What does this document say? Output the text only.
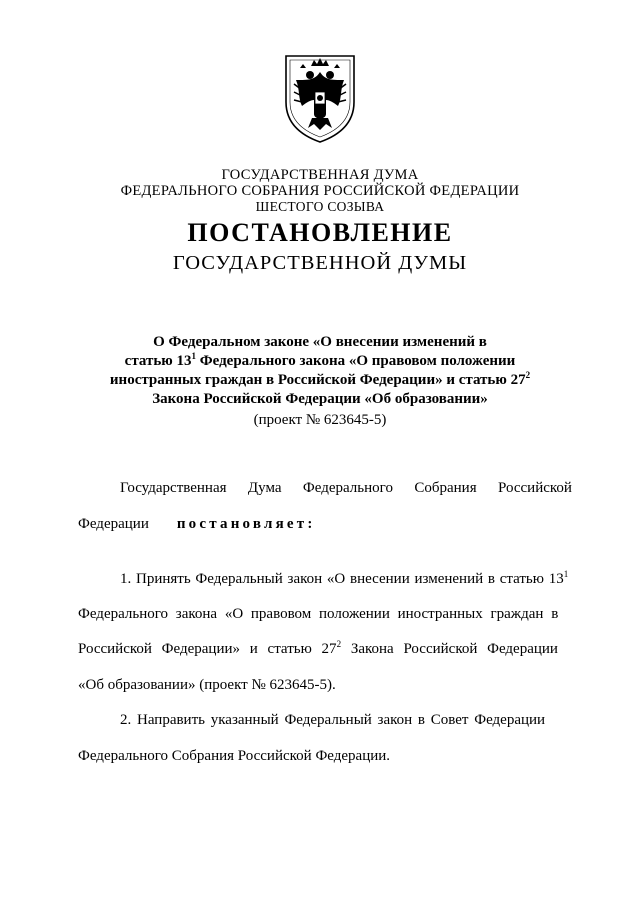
ГОСУДАРСТВЕННАЯ ДУМА
ФЕДЕРАЛЬНОГО СОБРАНИЯ РОССИЙСКОЙ ФЕДЕРАЦИИ
ШЕСТОГО СОЗЫВА
ПОСТАНОВЛЕНИЕ
ГОСУДАРСТВЕННОЙ ДУМЫ
О Федеральном законе «О внесении изменений в
статью $13^1$ Федерального закона «О правовом положении
иностранных граждан в Российской Федерации» и статью $27^2$
Закона Российской Федерации «Об образовании»
(проект № 623645-5)
Государственная Дума Федерального Собрания Российской
Федерации постановляет:
1. Принять Федеральный закон «О внесении изменений в статью $13^1$
Федерального закона «О правовом положении иностранных граждан в
Российской Федерации» и статью $27^2$ Закона Российской Федерации
«Об образовании» (проект № 623645-5).
2. Направить указанный Федеральный закон в Совет Федерации
Федерального Собрания Российской Федерации.
